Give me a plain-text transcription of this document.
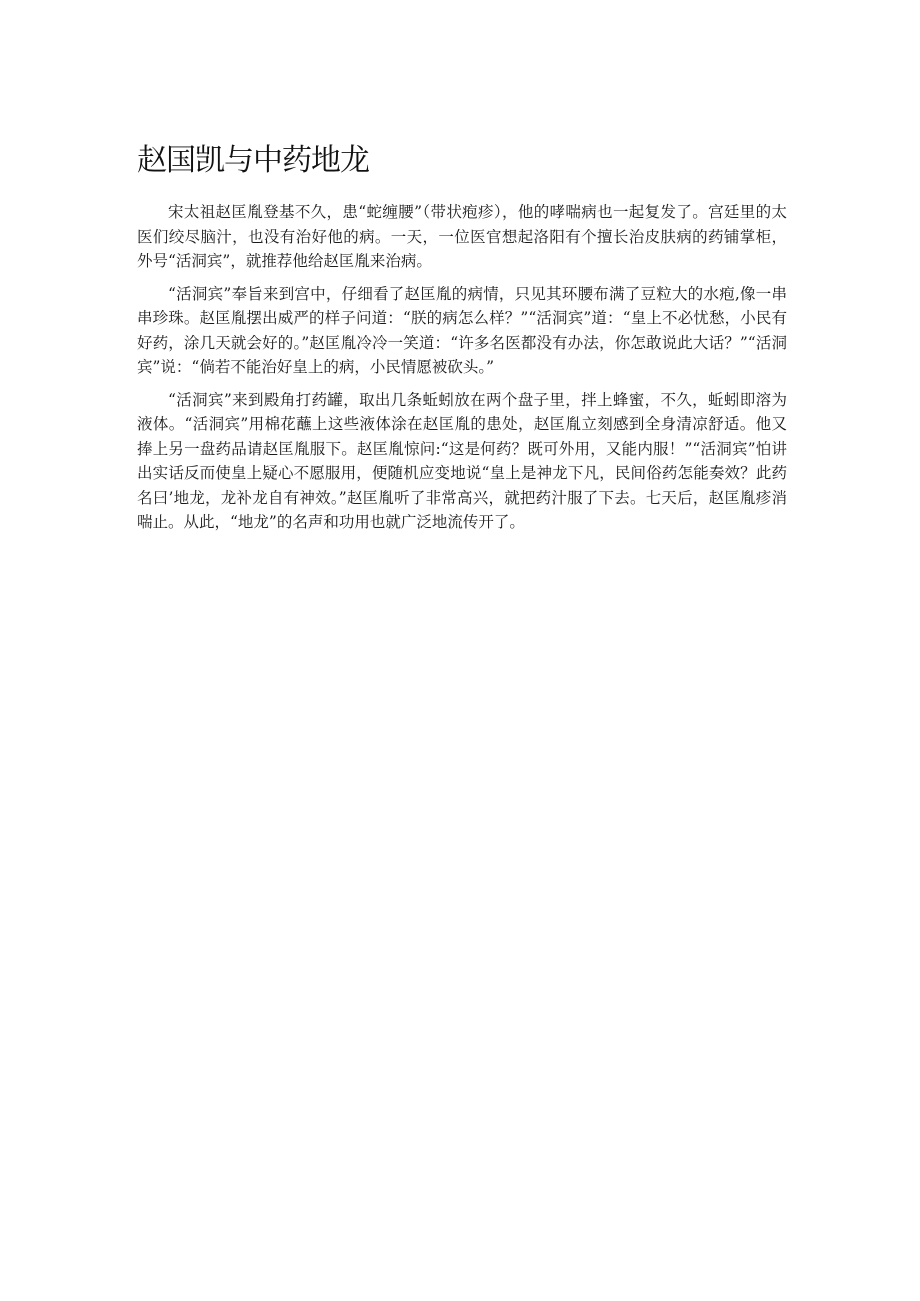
赵国凯与中药地龙

宋太祖赵匡胤登基不久，患“蛇缠腰”（带状疱疹），他的哮喘病也一起复发了。宫廷里的太医们绞尽脑汁，也没有治好他的病。一天，一位医官想起洛阳有个擅长治皮肤病的药铺掌柜，外号“活洞宾”，就推荐他给赵匡胤来治病。

“活洞宾”奉旨来到宫中，仔细看了赵匡胤的病情，只见其环腰布满了豆粒大的水疱,像一串串珍珠。赵匡胤摆出威严的样子问道：“朕的病怎么样？”“活洞宾”道：“皇上不必忧愁，小民有好药，涂几天就会好的。”赵匡胤冷冷一笑道：“许多名医都没有办法，你怎敢说此大话？”“活洞宾”说：“倘若不能治好皇上的病，小民情愿被砍头。”

“活洞宾”来到殿角打药罐，取出几条蚯蚓放在两个盘子里，拌上蜂蜜，不久，蚯蚓即溶为液体。“活洞宾”用棉花蘸上这些液体涂在赵匡胤的患处，赵匡胤立刻感到全身清凉舒适。他又捧上另一盘药品请赵匡胤服下。赵匡胤惊问:“这是何药？既可外用，又能内服！”“活洞宾”怕讲出实话反而使皇上疑心不愿服用，便随机应变地说“皇上是神龙下凡，民间俗药怎能奏效？此药名曰’地龙，龙补龙自有神效。”赵匡胤听了非常高兴，就把药汁服了下去。七天后，赵匡胤疹消喘止。从此，“地龙”的名声和功用也就广泛地流传开了。
